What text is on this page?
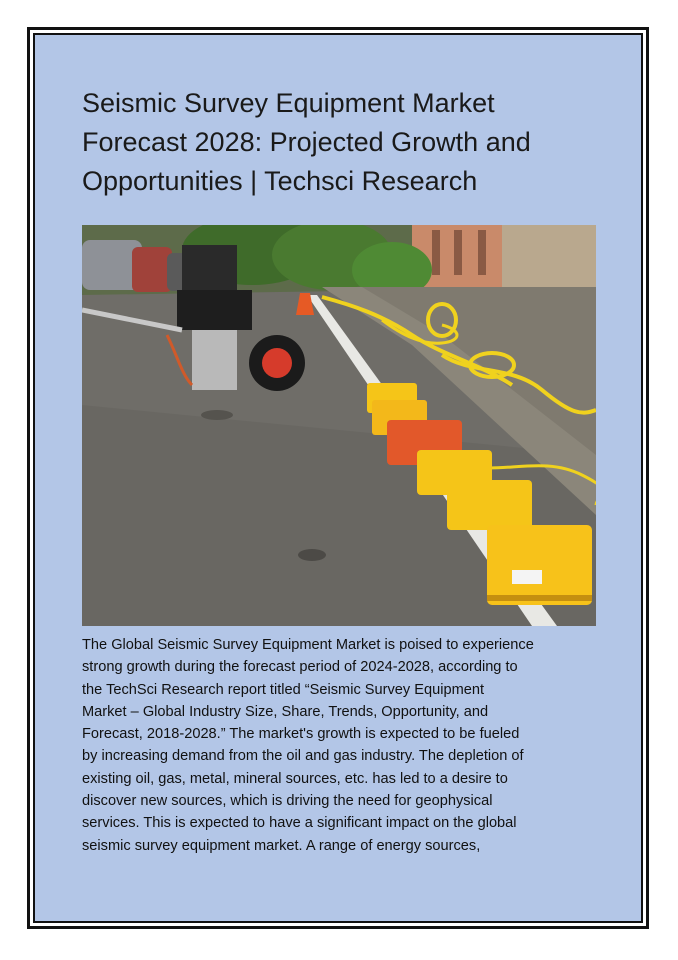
Seismic Survey Equipment Market Forecast 2028: Projected Growth and Opportunities | Techsci Research
The Global Seismic Survey Equipment Market is poised to experience
strong growth during the forecast period of 2024-2028, according to
the TechSci Research report titled “Seismic Survey Equipment
Market – Global Industry Size, Share, Trends, Opportunity, and
Forecast, 2018-2028.” The market's growth is expected to be fueled
by increasing demand from the oil and gas industry. The depletion of
existing oil, gas, metal, mineral sources, etc. has led to a desire to
discover new sources, which is driving the need for geophysical
services. This is expected to have a significant impact on the global
seismic survey equipment market. A range of energy sources,
